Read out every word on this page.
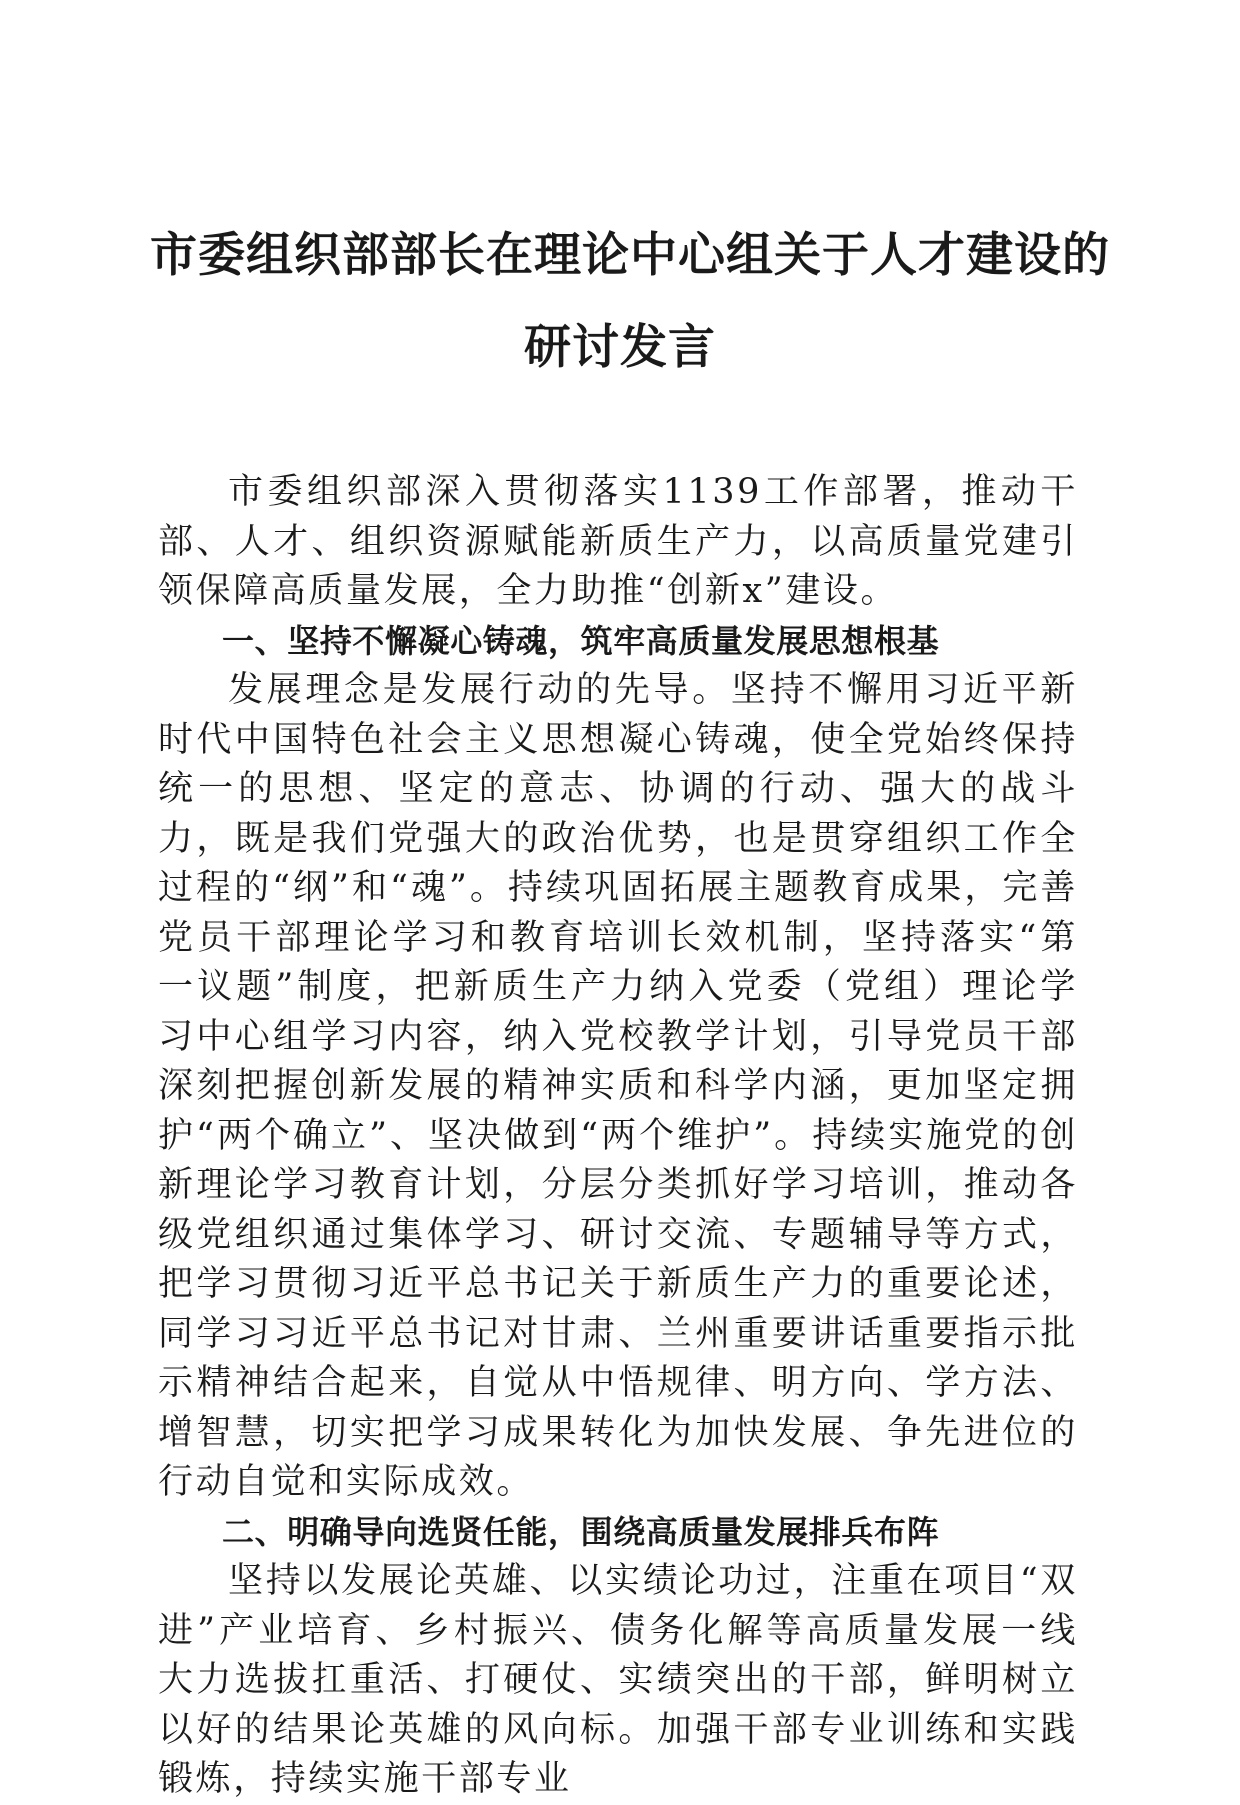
市委组织部部长在理论中心组关于人才建设的
研讨发言

市委组织部深入贯彻落实1139工作部署，推动干部、人才、组织资源赋能新质生产力，以高质量党建引领保障高质量发展，全力助推“创新x”建设。

一、坚持不懈凝心铸魂，筑牢高质量发展思想根基

发展理念是发展行动的先导。坚持不懈用习近平新时代中国特色社会主义思想凝心铸魂，使全党始终保持统一的思想、坚定的意志、协调的行动、强大的战斗力，既是我们党强大的政治优势，也是贯穿组织工作全过程的“纲”和“魂”。持续巩固拓展主题教育成果，完善党员干部理论学习和教育培训长效机制，坚持落实“第一议题”制度，把新质生产力纳入党委（党组）理论学习中心组学习内容，纳入党校教学计划，引导党员干部深刻把握创新发展的精神实质和科学内涵，更加坚定拥护“两个确立”、坚决做到“两个维护”。持续实施党的创新理论学习教育计划，分层分类抓好学习培训，推动各级党组织通过集体学习、研讨交流、专题辅导等方式，把学习贯彻习近平总书记关于新质生产力的重要论述，同学习习近平总书记对甘肃、兰州重要讲话重要指示批示精神结合起来，自觉从中悟规律、明方向、学方法、增智慧，切实把学习成果转化为加快发展、争先进位的行动自觉和实际成效。

二、明确导向选贤任能，围绕高质量发展排兵布阵

坚持以发展论英雄、以实绩论功过，注重在项目“双进”产业培育、乡村振兴、债务化解等高质量发展一线大力选拔扛重活、打硬仗、实绩突出的干部，鲜明树立以好的结果论英雄的风向标。加强干部专业训练和实践锻炼，持续实施干部专业
